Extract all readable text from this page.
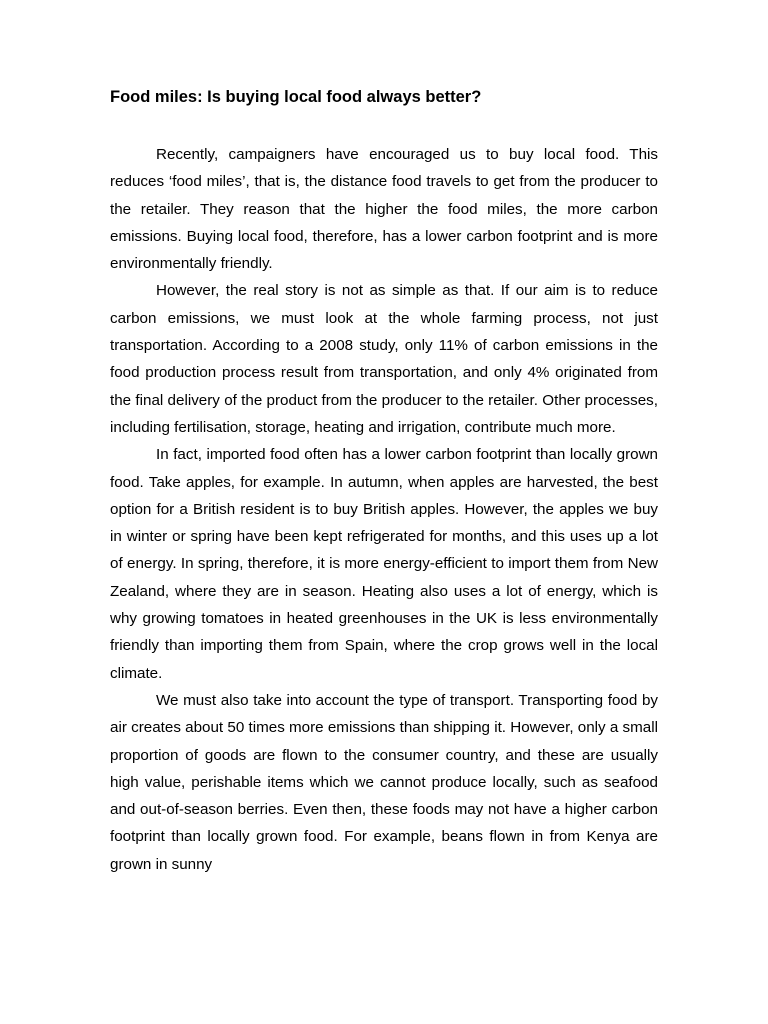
Food miles: Is buying local food always better?

Recently, campaigners have encouraged us to buy local food. This reduces ‘food miles’, that is, the distance food travels to get from the producer to the retailer. They reason that the higher the food miles, the more carbon emissions. Buying local food, therefore, has a lower carbon footprint and is more environmentally friendly.

However, the real story is not as simple as that. If our aim is to reduce carbon emissions, we must look at the whole farming process, not just transportation. According to a 2008 study, only 11% of carbon emissions in the food production process result from transportation, and only 4% originated from the final delivery of the product from the producer to the retailer. Other processes, including fertilisation, storage, heating and irrigation, contribute much more.

In fact, imported food often has a lower carbon footprint than locally grown food. Take apples, for example. In autumn, when apples are harvested, the best option for a British resident is to buy British apples. However, the apples we buy in winter or spring have been kept refrigerated for months, and this uses up a lot of energy. In spring, therefore, it is more energy-efficient to import them from New Zealand, where they are in season. Heating also uses a lot of energy, which is why growing tomatoes in heated greenhouses in the UK is less environmentally friendly than importing them from Spain, where the crop grows well in the local climate.

We must also take into account the type of transport. Transporting food by air creates about 50 times more emissions than shipping it. However, only a small proportion of goods are flown to the consumer country, and these are usually high value, perishable items which we cannot produce locally, such as seafood and out-of-season berries. Even then, these foods may not have a higher carbon footprint than locally grown food. For example, beans flown in from Kenya are grown in sunny
